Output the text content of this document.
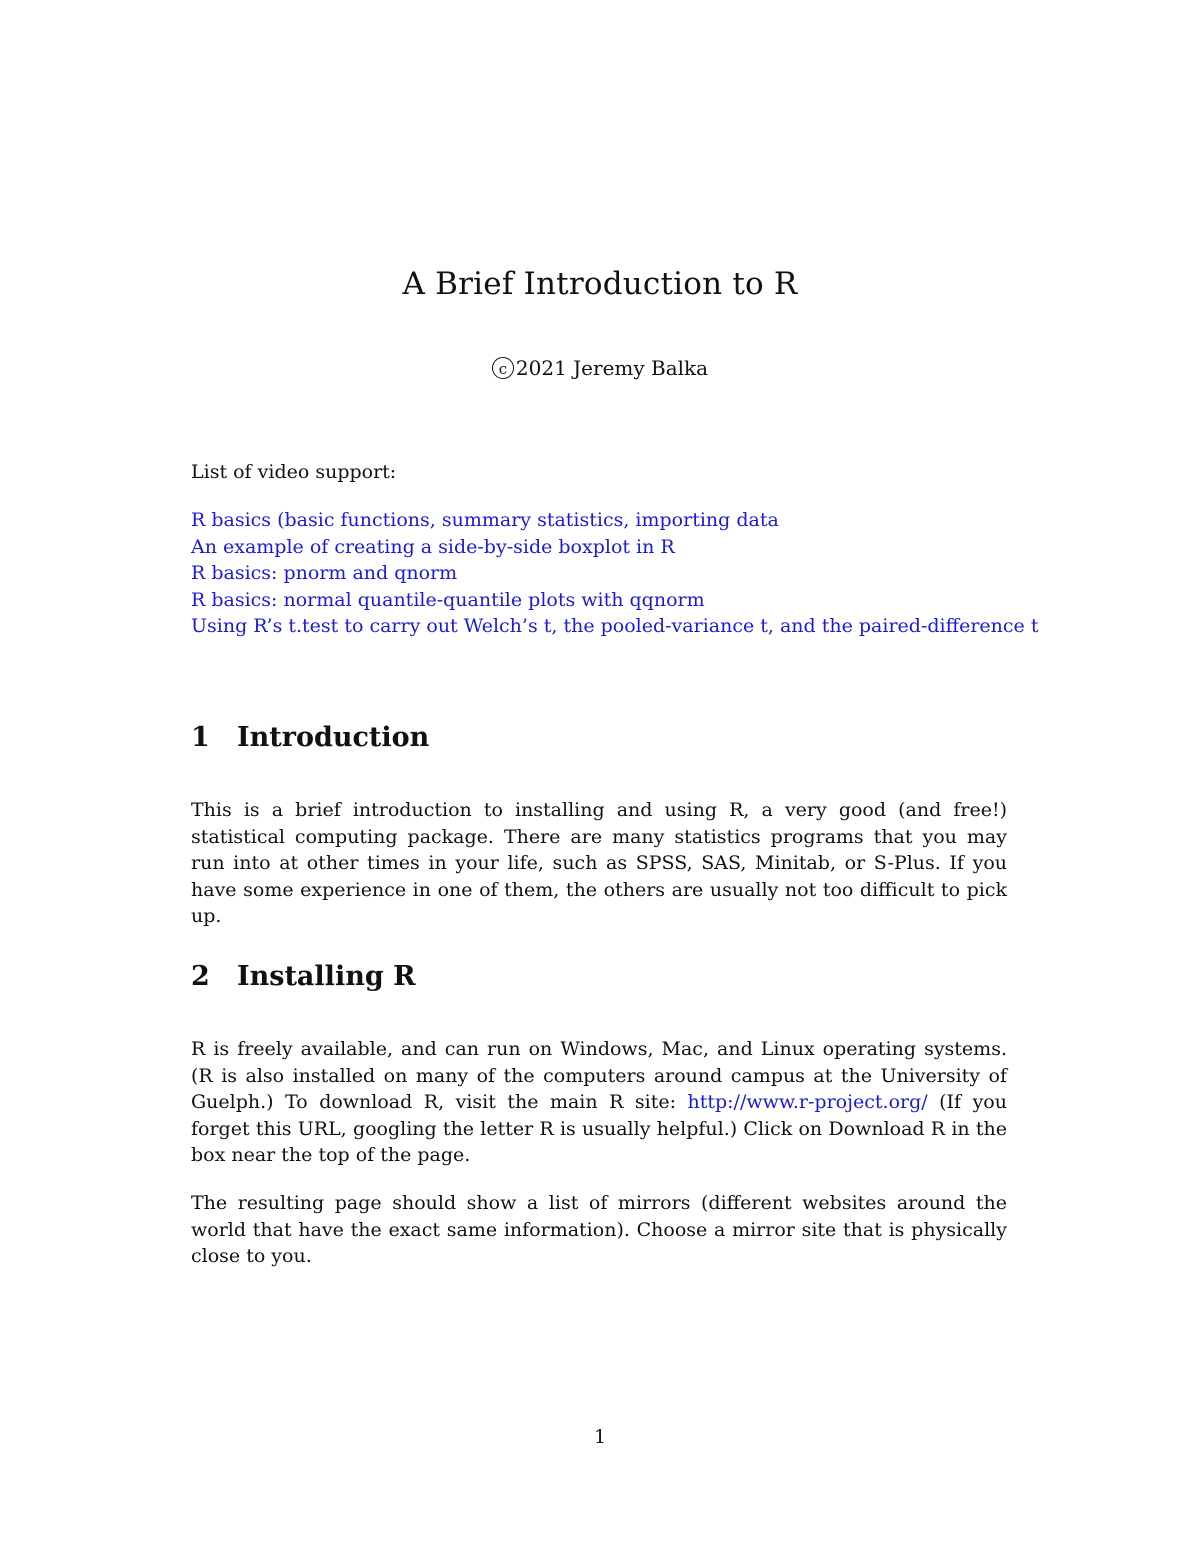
A Brief Introduction to R
c 2021 Jeremy Balka
List of video support:
R basics (basic functions, summary statistics, importing data
An example of creating a side-by-side boxplot in R
R basics: pnorm and qnorm
R basics: normal quantile-quantile plots with qqnorm
Using R’s t.test to carry out Welch’s t, the pooled-variance t, and the paired-difference t
1 Introduction

This is a brief introduction to installing and using R, a very good (and free!) statistical computing package. There are many statistics programs that you may run into at other times in your life, such as SPSS, SAS, Minitab, or S-Plus. If you have some experience in one of them, the others are usually not too difficult to pick up.

2 Installing R

R is freely available, and can run on Windows, Mac, and Linux operating systems. (R is also installed on many of the computers around campus at the University of Guelph.) To download R, visit the main R site: http://www.r-project.org/ (If you forget this URL, googling the letter R is usually helpful.) Click on Download R in the box near the top of the page.

The resulting page should show a list of mirrors (different websites around the world that have the exact same information). Choose a mirror site that is physically close to you.

1
